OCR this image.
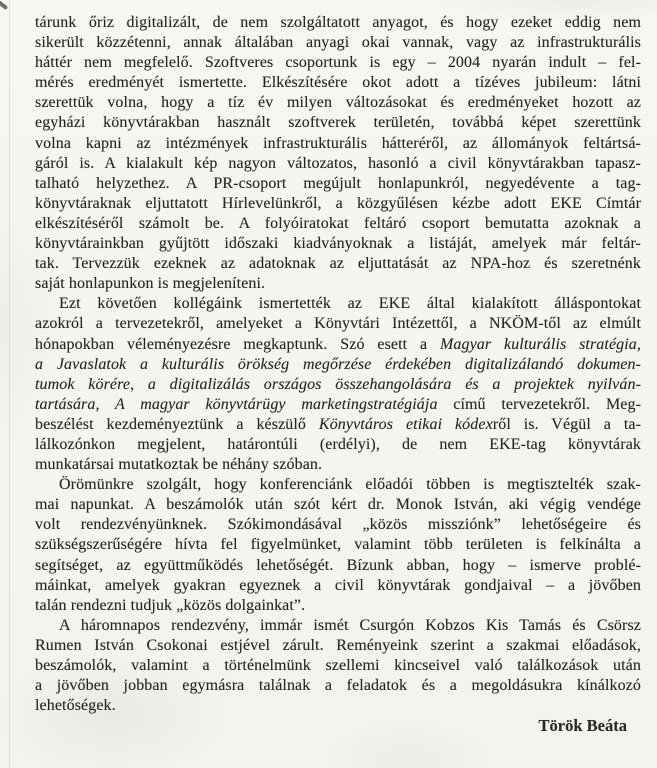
tárunk őriz digitalizált, de nem szolgáltatott anyagot, és hogy ezeket eddig nem
sikerült közzétenni, annak általában anyagi okai vannak, vagy az infrastrukturális
háttér nem megfelelő. Szoftveres csoportunk is egy – 2004 nyarán indult – fel-
mérés eredményét ismertette. Elkészítésére okot adott a tízéves jubileum: látni
szerettük volna, hogy a tíz év milyen változásokat és eredményeket hozott az
egyházi könyvtárakban használt szoftverek területén, továbbá képet szerettünk
volna kapni az intézmények infrastrukturális hátteréről, az állományok feltártsá-
gáról is. A kialakult kép nagyon változatos, hasonló a civil könyvtárakban tapasz-
talható helyzethez. A PR-csoport megújult honlapunkról, negyedévente a tag-
könyvtáraknak eljuttatott Hírlevelünkről, a közgyűlésen kézbe adott EKE Címtár
elkészítéséről számolt be. A folyóiratokat feltáró csoport bemutatta azoknak a
könyvtárainkban gyűjtött időszaki kiadványoknak a listáját, amelyek már feltár-
tak. Tervezzük ezeknek az adatoknak az eljuttatását az NPA-hoz és szeretnénk
saját honlapunkon is megjeleníteni.
Ezt követően kollégáink ismertették az EKE által kialakított álláspontokat
azokról a tervezetekről, amelyeket a Könyvtári Intézettől, a NKÖM-től az elmúlt
hónapokban véleményezésre megkaptunk. Szó esett a Magyar kulturális stratégia,
a Javaslatok a kulturális örökség megőrzése érdekében digitalizálandó dokumen-
tumok körére, a digitalizálás országos összehangolására és a projektek nyilván-
tartására, A magyar könyvtárügy marketingstratégiája című tervezetekről. Meg-
beszélést kezdeményeztünk a készülő Könyvtáros etikai kódexről is. Végül a ta-
lálkozónkon megjelent, határontúli (erdélyi), de nem EKE-tag könyvtárak
munkatársai mutatkoztak be néhány szóban.
Örömünkre szolgált, hogy konferenciánk előadói többen is megtisztelték szak-
mai napunkat. A beszámolók után szót kért dr. Monok István, aki végig vendége
volt rendezvényünknek. Szókimondásával „közös missziónk” lehetőségeire és
szükségszerűségére hívta fel figyelmünket, valamint több területen is felkínálta a
segítséget, az együttműködés lehetőségét. Bízunk abban, hogy – ismerve problé-
máinkat, amelyek gyakran egyeznek a civil könyvtárak gondjaival – a jövőben
talán rendezni tudjuk „közös dolgainkat”.
A háromnapos rendezvény, immár ismét Csurgón Kobzos Kis Tamás és Csörsz
Rumen István Csokonai estjével zárult. Reményeink szerint a szakmai előadások,
beszámolók, valamint a történelmünk szellemi kincseivel való találkozások után
a jövőben jobban egymásra találnak a feladatok és a megoldásukra kínálkozó
lehetőségek.
Török Beáta
